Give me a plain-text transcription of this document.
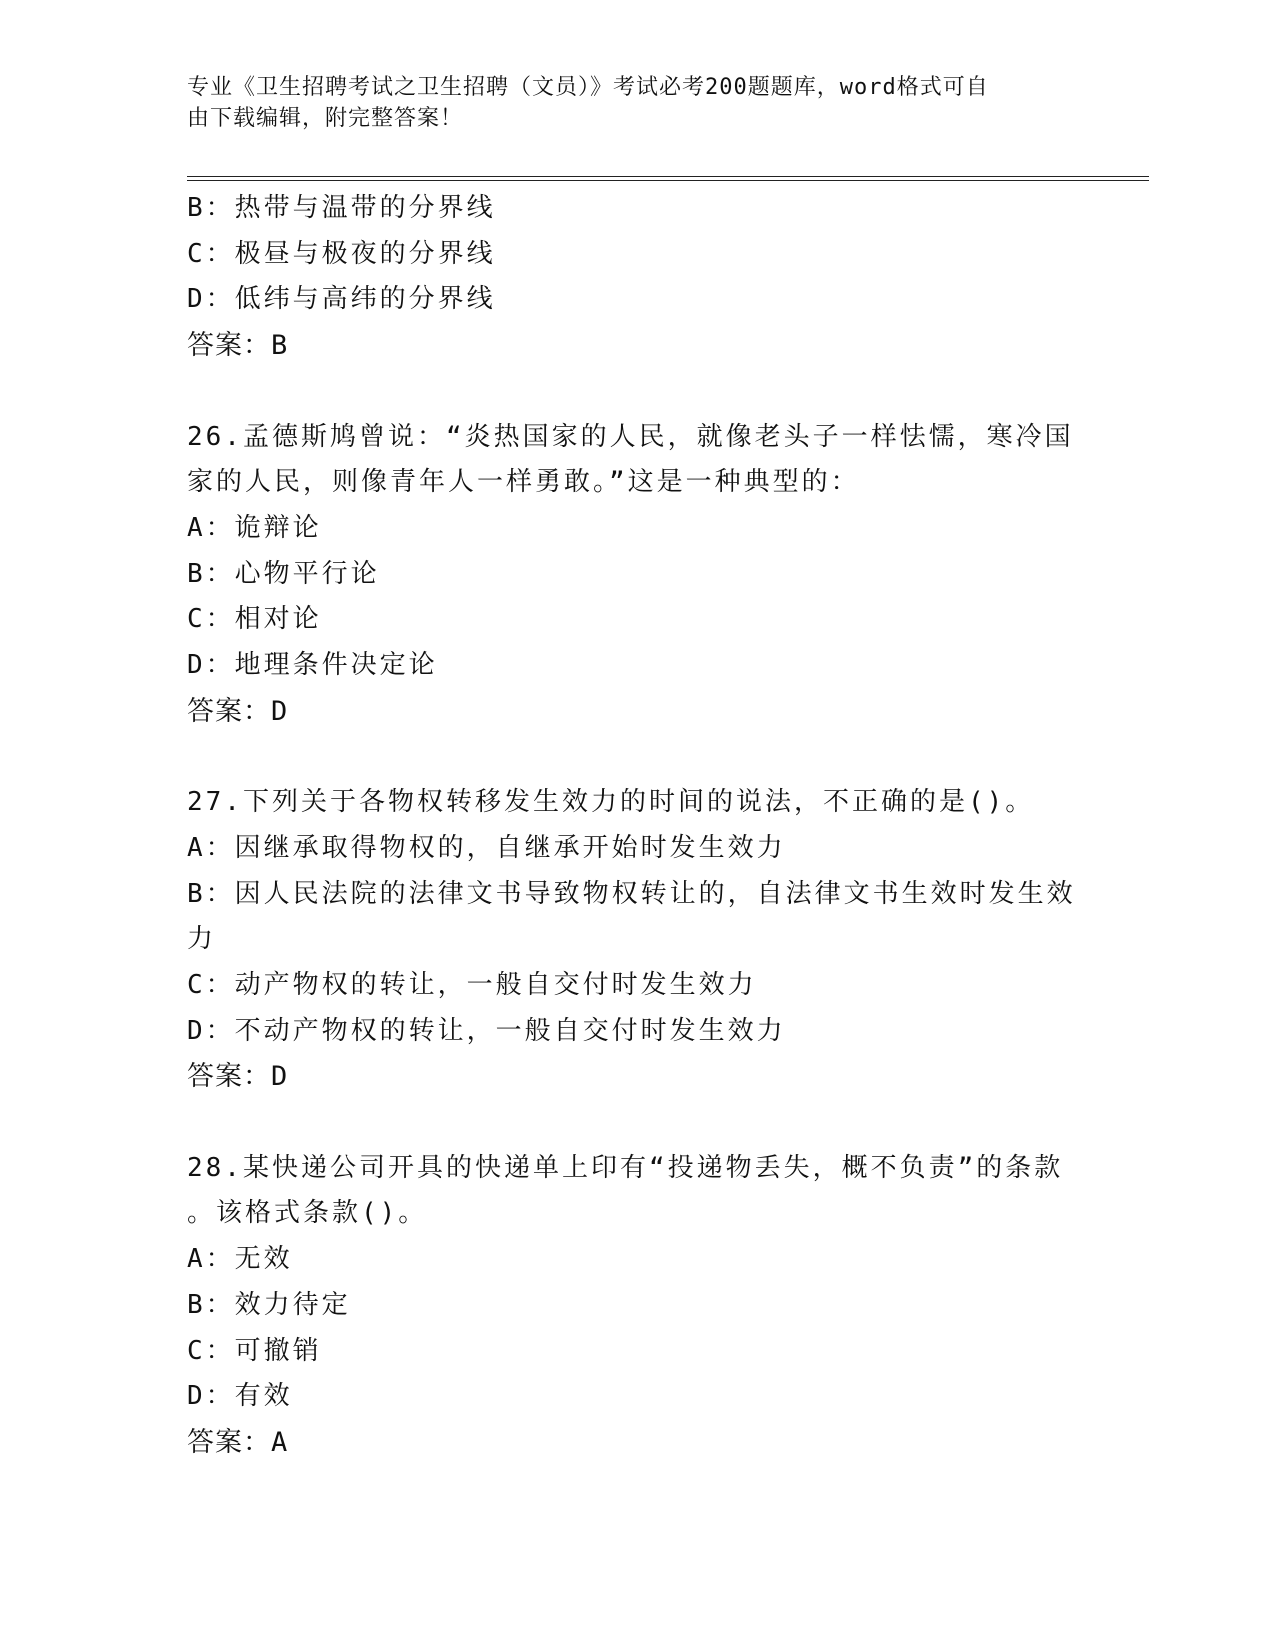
专业《卫生招聘考试之卫生招聘（文员）》考试必考200题题库，word格式可自
由下载编辑，附完整答案！
B：热带与温带的分界线
C：极昼与极夜的分界线
D：低纬与高纬的分界线
答案：B
26.孟德斯鸠曾说：“炎热国家的人民，就像老头子一样怯懦，寒冷国
家的人民，则像青年人一样勇敢。”这是一种典型的：
A：诡辩论
B：心物平行论
C：相对论
D：地理条件决定论
答案：D
27.下列关于各物权转移发生效力的时间的说法，不正确的是()。
A：因继承取得物权的，自继承开始时发生效力
B：因人民法院的法律文书导致物权转让的，自法律文书生效时发生效
力
C：动产物权的转让，一般自交付时发生效力
D：不动产物权的转让，一般自交付时发生效力
答案：D
28.某快递公司开具的快递单上印有“投递物丢失，概不负责”的条款
。该格式条款()。
A：无效
B：效力待定
C：可撤销
D：有效
答案：A
